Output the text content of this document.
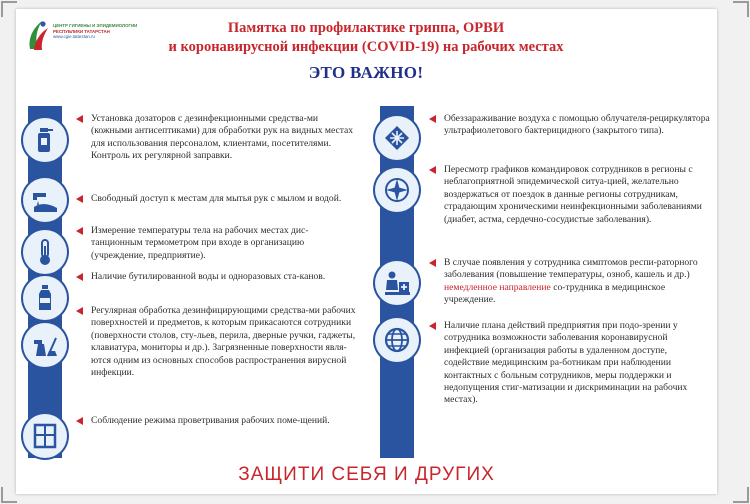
ЦЕНТР ГИГИЕНЫ И ЭПИДЕМИОЛОГИИ
РЕСПУБЛИКИ ТАТАРСТАН
www.cgie.tatarstan.ru
Памятка по профилактике гриппа, ОРВИ
и коронавирусной инфекции (COVID-19) на рабочих местах
ЭТО ВАЖНО!
Установка дозаторов с дезинфекционными средства-ми (кожными антисептиками) для обработки рук на видных местах для использования персоналом, клиентами, посетителями. Контроль их регулярной заправки.
Свободный доступ к местам для мытья рук с мылом и водой.
Измерение температуры тела на рабочих местах дис-танционным термометром при входе в организацию (учреждение, предприятие).
Наличие бутилированной воды и одноразовых ста-канов.
Регулярная обработка дезинфицирующими средства-ми рабочих поверхностей и предметов, к которым прикасаются сотрудники (поверхности столов, сту-льев, перила, дверные ручки, гаджеты, клавиатура, мониторы и др.). Загрязненные поверхности явля-ются одним из основных способов распространения вирусной инфекции.
Соблюдение режима проветривания рабочих поме-щений.
Обеззараживание воздуха с помощью облучателя-рециркулятора ультрафиолетового бактерицидного (закрытого типа).
Пересмотр графиков командировок сотрудников в регионы с неблагоприятной эпидемической ситуа-цией, желательно воздержаться от поездок в данные регионы сотрудникам, страдающим хроническими неинфекционными заболеваниями (диабет, астма, сердечно-сосудистые заболевания).
В случае появления у сотрудника симптомов респи-раторного заболевания (повышение температуры, озноб, кашель и др.) немедленное направление со-трудника в медицинское учреждение.
Наличие плана действий предприятия при подо-зрении у сотрудника возможности заболевания коронавирусной инфекцией (организация работы в удаленном доступе, содействие медицинским ра-ботникам при наблюдении контактных с больным сотрудников, меры поддержки и недопущения стиг-матизации и дискриминации на рабочих местах).
ЗАЩИТИ СЕБЯ И ДРУГИХ
